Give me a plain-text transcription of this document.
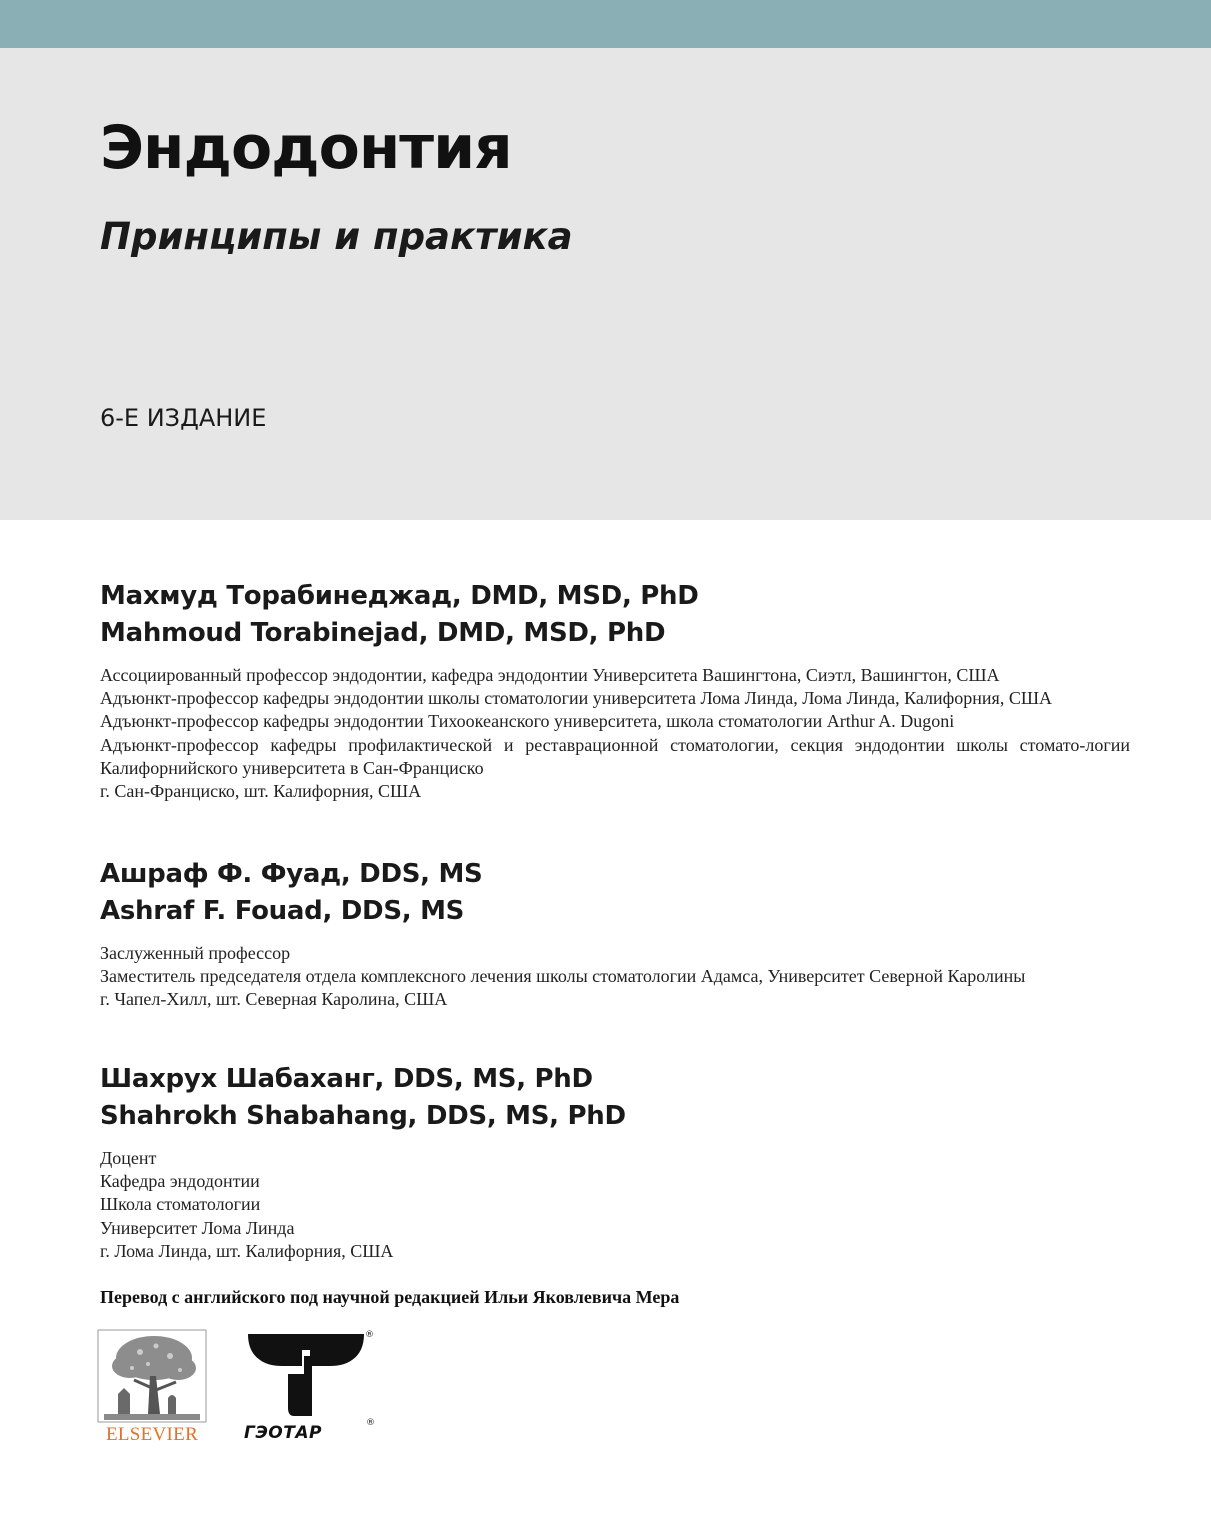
Эндодонтия
Принципы и практика
6-Е ИЗДАНИЕ
Махмуд Торабинеджад, DMD, MSD, PhD
Mahmoud Torabinejad, DMD, MSD, PhD
Ассоциированный профессор эндодонтии, кафедра эндодонтии Университета Вашингтона, Сиэтл, Вашингтон, США
Адъюнкт-профессор кафедры эндодонтии школы стоматологии университета Лома Линда, Лома Линда, Калифорния, США
Адъюнкт-профессор кафедры эндодонтии Тихоокеанского университета, школа стоматологии Arthur A. Dugoni
Адъюнкт-профессор кафедры профилактической и реставрационной стоматологии, секция эндодонтии школы стомато-логии Калифорнийского университета в Сан-Франциско
г. Сан-Франциско, шт. Калифорния, США
Ашраф Ф. Фуад, DDS, MS
Ashraf F. Fouad, DDS, MS
Заслуженный профессор
Заместитель председателя отдела комплексного лечения школы стоматологии Адамса, Университет Северной Каролины
г. Чапел-Хилл, шт. Северная Каролина, США
Шахрух Шабаханг, DDS, MS, PhD
Shahrokh Shabahang, DDS, MS, PhD
Доцент
Кафедра эндодонтии
Школа стоматологии
Университет Лома Линда
г. Лома Линда, шт. Калифорния, США
Перевод с английского под научной редакцией Ильи Яковлевича Мера
ELSEVIER
®
ГЭОТАР	®
